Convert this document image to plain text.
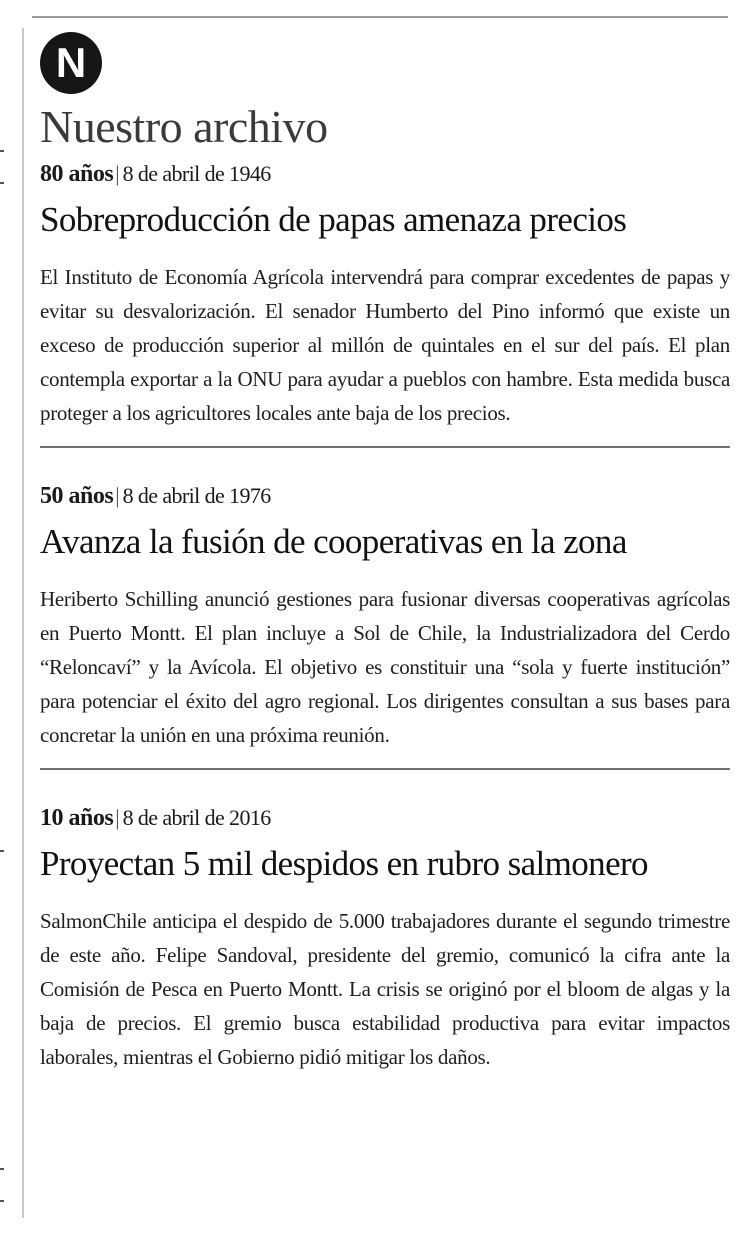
N
Nuestro archivo

80 años| 8 de abril de 1946

Sobreproducción de papas amenaza precios

El Instituto de Economía Agrícola intervendrá para comprar excedentes de papas y evitar su desvalorización. El senador Humberto del Pino informó que existe un exceso de producción superior al millón de quintales en el sur del país. El plan contempla exportar a la ONU para ayudar a pueblos con hambre. Esta medida busca proteger a los agricultores locales ante baja de los precios.

50 años| 8 de abril de 1976

Avanza la fusión de cooperativas en la zona

Heriberto Schilling anunció gestiones para fusionar diversas cooperativas agrícolas en Puerto Montt. El plan incluye a Sol de Chile, la Industrializadora del Cerdo “Reloncaví” y la Avícola. El objetivo es constituir una “sola y fuerte institución” para potenciar el éxito del agro regional. Los dirigentes consultan a sus bases para concretar la unión en una próxima reunión.

10 años| 8 de abril de 2016

Proyectan 5 mil despidos en rubro salmonero

SalmonChile anticipa el despido de 5.000 trabajadores durante el segundo trimestre de este año. Felipe Sandoval, presidente del gremio, comunicó la cifra ante la Comisión de Pesca en Puerto Montt. La crisis se originó por el bloom de algas y la baja de precios. El gremio busca estabilidad productiva para evitar impactos laborales, mientras el Gobierno pidió mitigar los daños.
